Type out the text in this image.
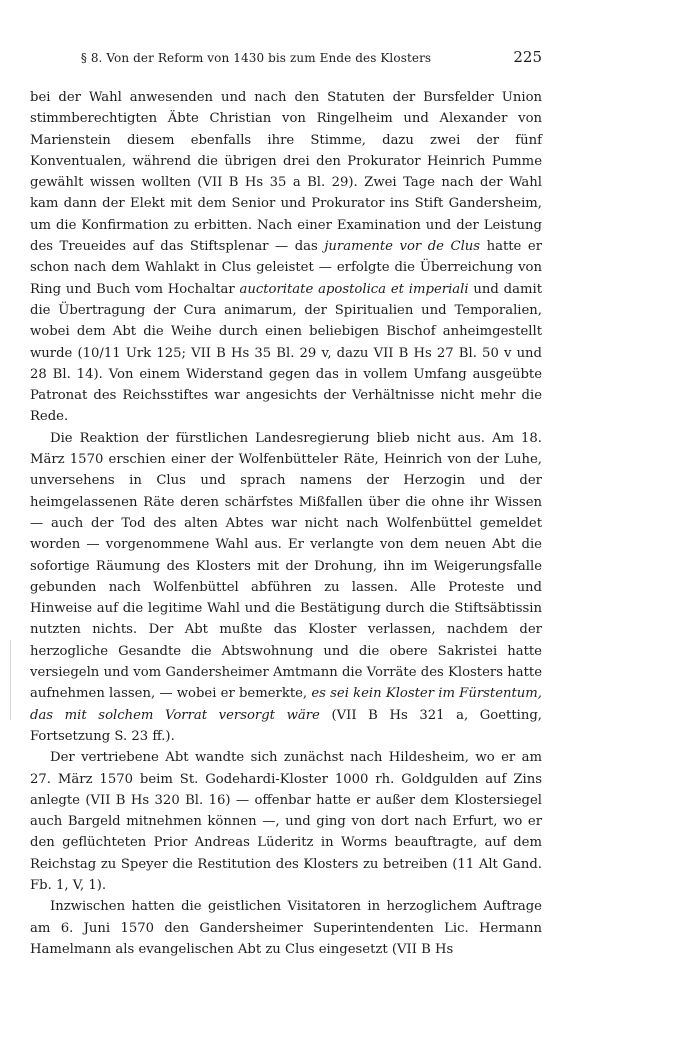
§ 8. Von der Reform von 1430 bis zum Ende des Klosters	225

bei der Wahl anwesenden und nach den Statuten der Bursfelder Union stimmberechtigten Äbte Christian von Ringelheim und Alexander von Marienstein diesem ebenfalls ihre Stimme, dazu zwei der fünf Konventualen, während die übrigen drei den Prokurator Heinrich Pumme gewählt wissen wollten (VII B Hs 35 a Bl. 29). Zwei Tage nach der Wahl kam dann der Elekt mit dem Senior und Prokurator ins Stift Gandersheim, um die Konfirmation zu erbitten. Nach einer Examination und der Leistung des Treueides auf das Stiftsplenar — das juramente vor de Clus hatte er schon nach dem Wahlakt in Clus geleistet — erfolgte die Überreichung von Ring und Buch vom Hochaltar auctoritate apostolica et imperiali und damit die Übertragung der Cura animarum, der Spiritualien und Temporalien, wobei dem Abt die Weihe durch einen beliebigen Bischof anheimgestellt wurde (10/11 Urk 125; VII B Hs 35 Bl. 29 v, dazu VII B Hs 27 Bl. 50 v und 28 Bl. 14). Von einem Widerstand gegen das in vollem Umfang ausgeübte Patronat des Reichsstiftes war angesichts der Verhältnisse nicht mehr die Rede.

Die Reaktion der fürstlichen Landesregierung blieb nicht aus. Am 18. März 1570 erschien einer der Wolfenbütteler Räte, Heinrich von der Luhe, unversehens in Clus und sprach namens der Herzogin und der heimgelassenen Räte deren schärfstes Mißfallen über die ohne ihr Wissen — auch der Tod des alten Abtes war nicht nach Wolfenbüttel gemeldet worden — vorgenommene Wahl aus. Er verlangte von dem neuen Abt die sofortige Räumung des Klosters mit der Drohung, ihn im Weigerungsfalle gebunden nach Wolfenbüttel abführen zu lassen. Alle Proteste und Hinweise auf die legitime Wahl und die Bestätigung durch die Stiftsäbtissin nutzten nichts. Der Abt mußte das Kloster verlassen, nachdem der herzogliche Gesandte die Abtswohnung und die obere Sakristei hatte versiegeln und vom Gandersheimer Amtmann die Vorräte des Klosters hatte aufnehmen lassen, — wobei er bemerkte, es sei kein Kloster im Fürstentum, das mit solchem Vorrat versorgt wäre (VII B Hs 321 a, Goetting, Fortsetzung S. 23 ff.).

Der vertriebene Abt wandte sich zunächst nach Hildesheim, wo er am 27. März 1570 beim St. Godehardi-Kloster 1000 rh. Goldgulden auf Zins anlegte (VII B Hs 320 Bl. 16) — offenbar hatte er außer dem Klostersiegel auch Bargeld mitnehmen können —, und ging von dort nach Erfurt, wo er den geflüchteten Prior Andreas Lüderitz in Worms beauftragte, auf dem Reichstag zu Speyer die Restitution des Klosters zu betreiben (11 Alt Gand. Fb. 1, V, 1).

Inzwischen hatten die geistlichen Visitatoren in herzoglichem Auftrage am 6. Juni 1570 den Gandersheimer Superintendenten Lic. Hermann Hamelmann als evangelischen Abt zu Clus eingesetzt (VII B Hs
